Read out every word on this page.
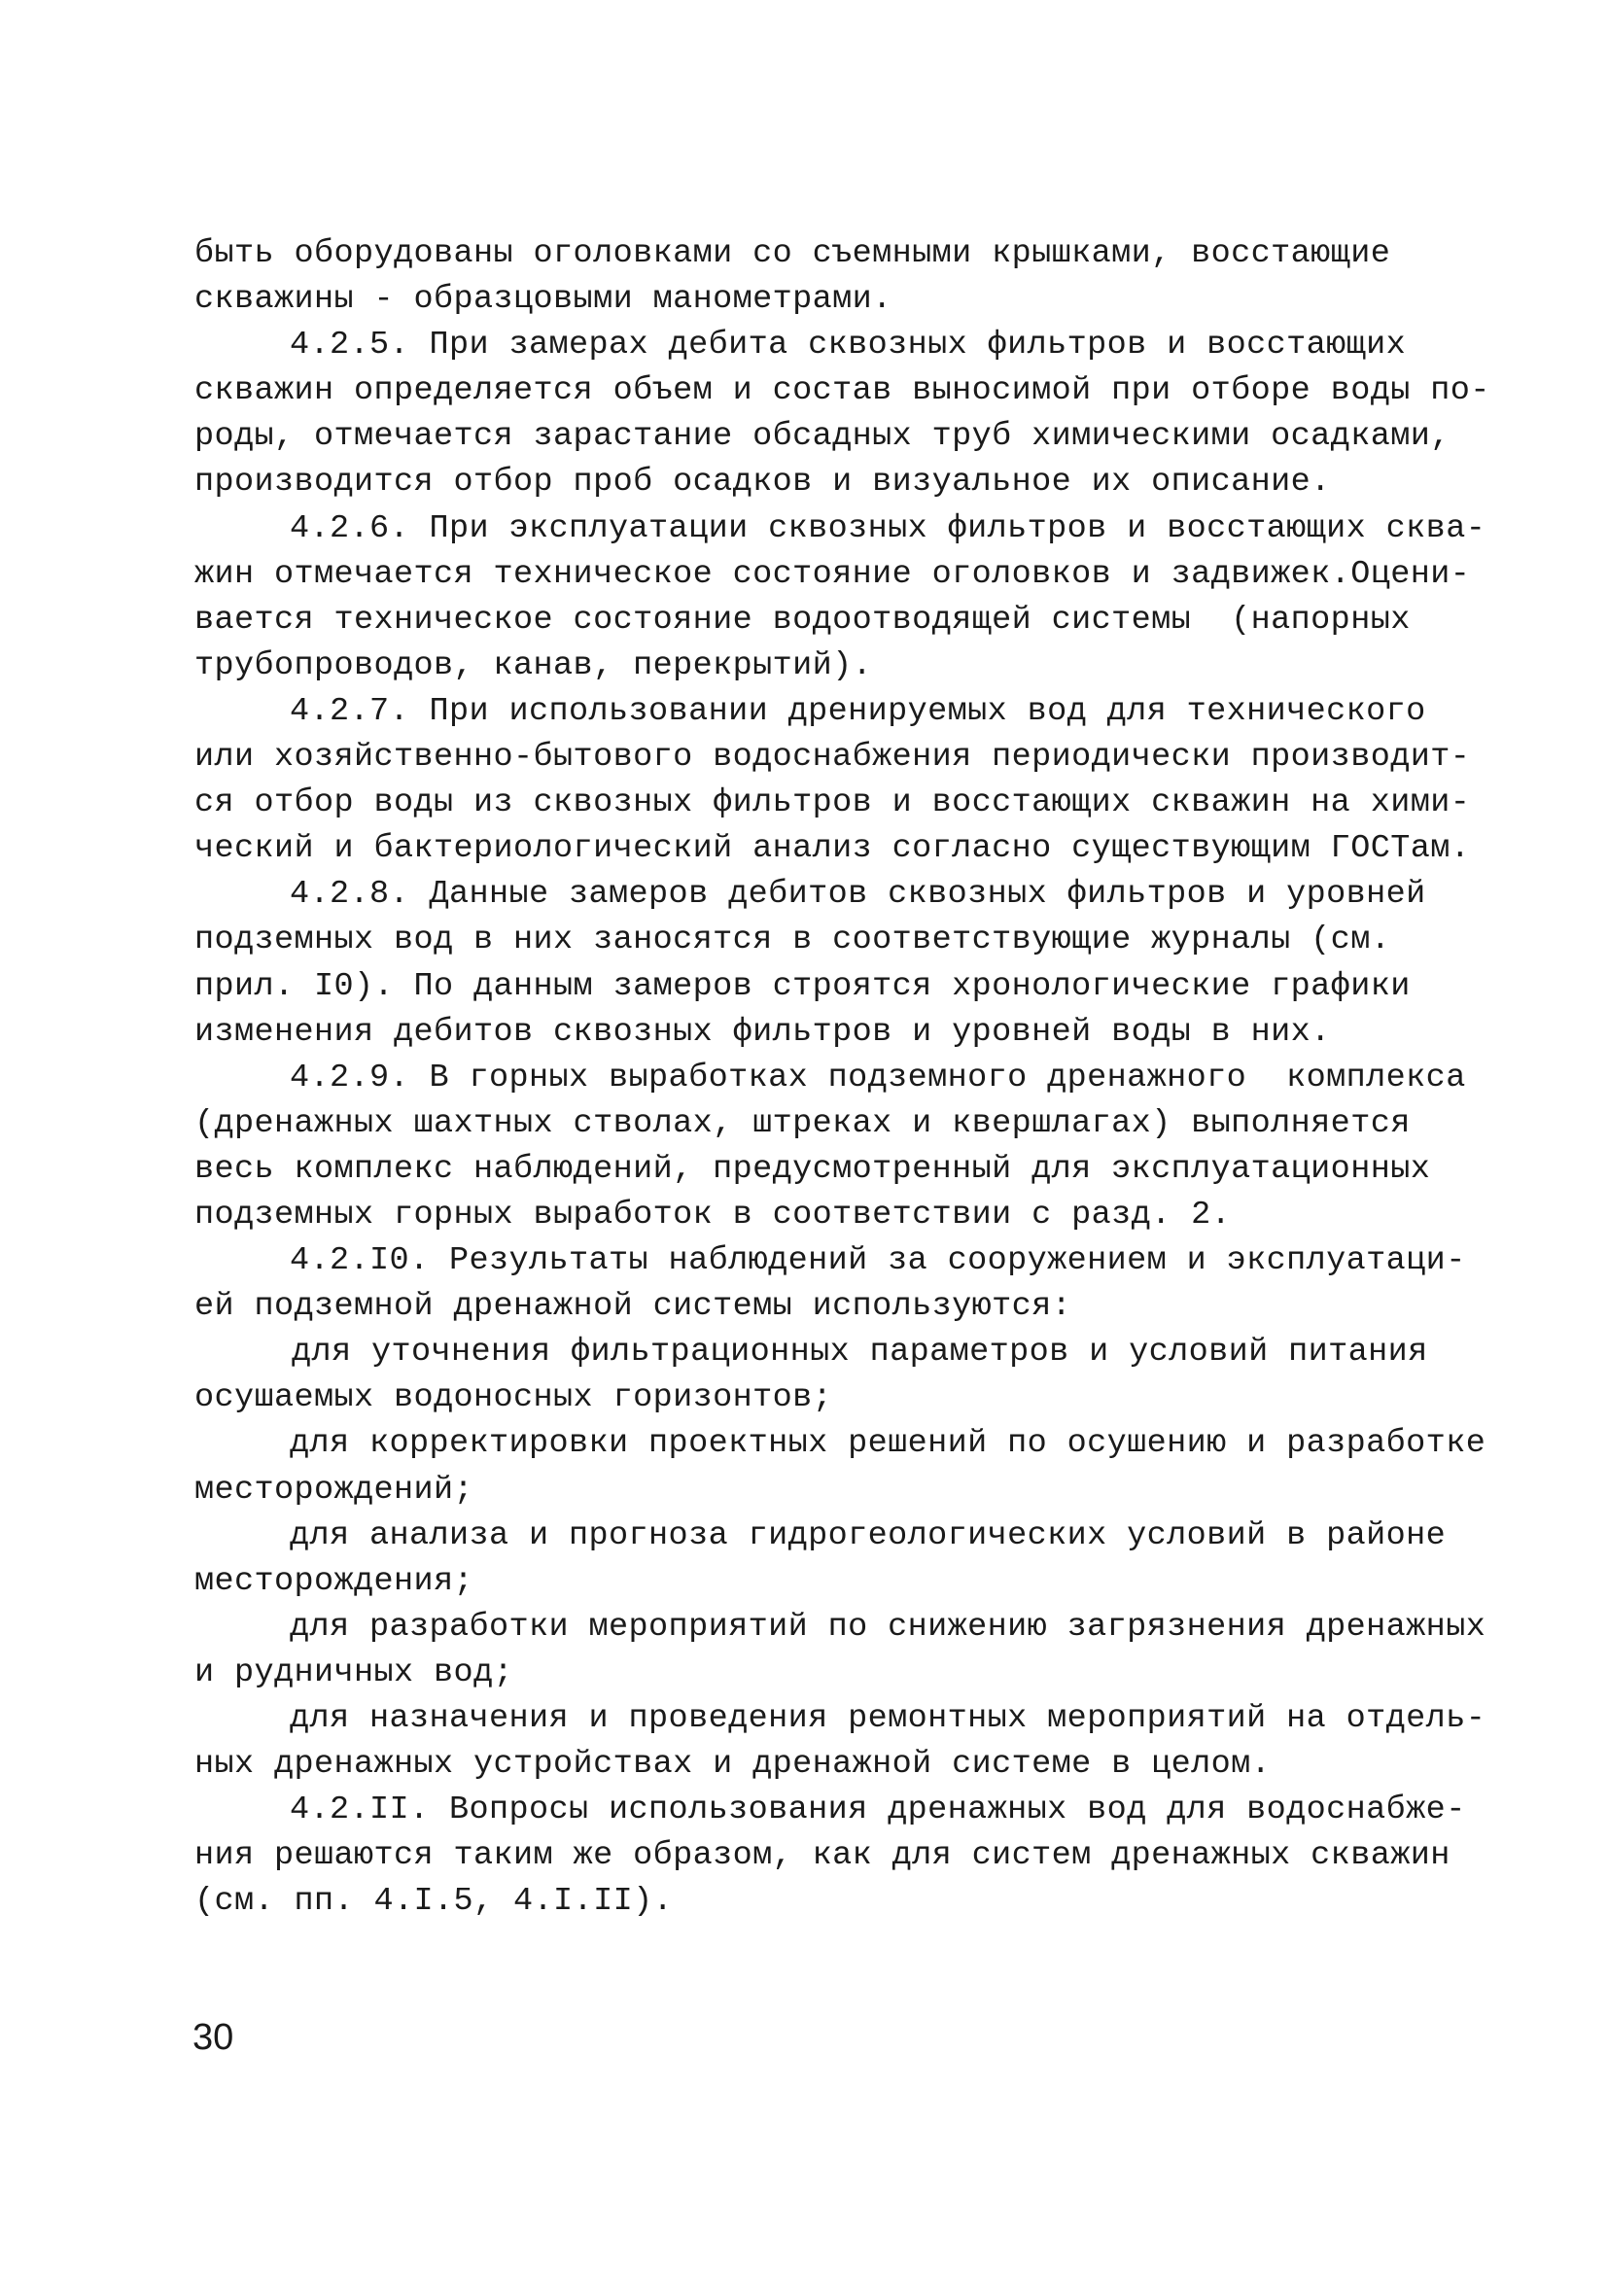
быть оборудованы оголовками со съемными крышками, восстающие
скважины - образцовыми манометрами.
4.2.5. При замерах дебита сквозных фильтров и восстающих
скважин определяется объем и состав выносимой при отборе воды по-
роды, отмечается зарастание обсадных труб химическими осадками,
производится отбор проб осадков и визуальное их описание.
4.2.6. При эксплуатации сквозных фильтров и восстающих сква-
жин отмечается техническое состояние оголовков и задвижек.Оцени-
вается техническое состояние водоотводящей системы  (напорных
трубопроводов, канав, перекрытий).
4.2.7. При использовании дренируемых вод для технического
или хозяйственно-бытового водоснабжения периодически производит-
ся отбор воды из сквозных фильтров и восстающих скважин на хими-
ческий и бактериологический анализ согласно существующим ГОСТам.
4.2.8. Данные замеров дебитов сквозных фильтров и уровней
подземных вод в них заносятся в соответствующие журналы (см.
прил. I0). По данным замеров строятся хронологические графики
изменения дебитов сквозных фильтров и уровней воды в них.
4.2.9. В горных выработках подземного дренажного  комплекса
(дренажных шахтных стволах, штреках и квершлагах) выполняется
весь комплекс наблюдений, предусмотренный для эксплуатационных
подземных горных выработок в соответствии с разд. 2.
4.2.I0. Результаты наблюдений за сооружением и эксплуатаци-
ей подземной дренажной системы используются:
для уточнения фильтрационных параметров и условий питания
осушаемых водоносных горизонтов;
для корректировки проектных решений по осушению и разработке
месторождений;
для анализа и прогноза гидрогеологических условий в районе
месторождения;
для разработки мероприятий по снижению загрязнения дренажных
и рудничных вод;
для назначения и проведения ремонтных мероприятий на отдель-
ных дренажных устройствах и дренажной системе в целом.
4.2.II. Вопросы использования дренажных вод для водоснабже-
ния решаются таким же образом, как для систем дренажных скважин
(см. пп. 4.I.5, 4.I.II).
30
